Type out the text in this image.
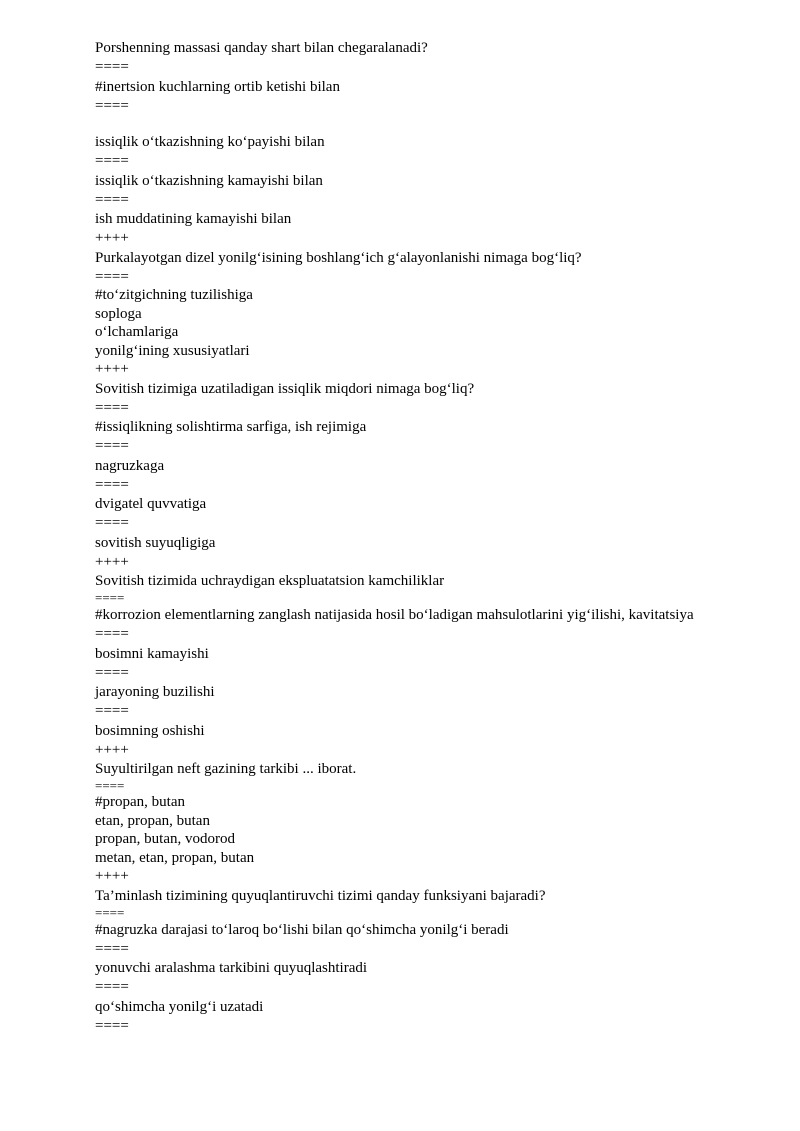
Porshenning massasi qanday shart bilan chegaralanadi?
====
#inertsion kuchlarning ortib ketishi bilan
====
issiqlik o‘tkazishning ko‘payishi bilan
====
issiqlik o‘tkazishning kamayishi bilan
====
ish muddatining kamayishi bilan
++++
Purkalayotgan dizel yonilg‘isining boshlang‘ich g‘alayonlanishi nimaga bog‘liq?
====
#to‘zitgichning tuzilishiga
soploga
o‘lchamlariga
yonilg‘ining xususiyatlari
++++
Sovitish tizimiga uzatiladigan issiqlik miqdori nimaga bog‘liq?
====
#issiqlikning solishtirma sarfiga, ish rejimiga
====
nagruzkaga
====
dvigatel quvvatiga
====
sovitish suyuqligiga
++++
Sovitish tizimida uchraydigan ekspluatatsion kamchiliklar
====
#korrozion elementlarning zanglash natijasida hosil bo‘ladigan mahsulotlarini yig‘ilishi, kavitatsiya
====
bosimni kamayishi
====
jarayoning buzilishi
====
bosimning oshishi
++++
Suyultirilgan neft gazining tarkibi ... iborat.
====
#propan, butan
etan, propan, butan
propan, butan, vodorod
metan, etan, propan, butan
++++
Ta’minlash tizimining quyuqlantiruvchi tizimi qanday funksiyani bajaradi?
====
#nagruzka darajasi to‘laroq bo‘lishi bilan qo‘shimcha yonilg‘i beradi
====
yonuvchi aralashma tarkibini quyuqlashtiradi
====
qo‘shimcha yonilg‘i uzatadi
====
